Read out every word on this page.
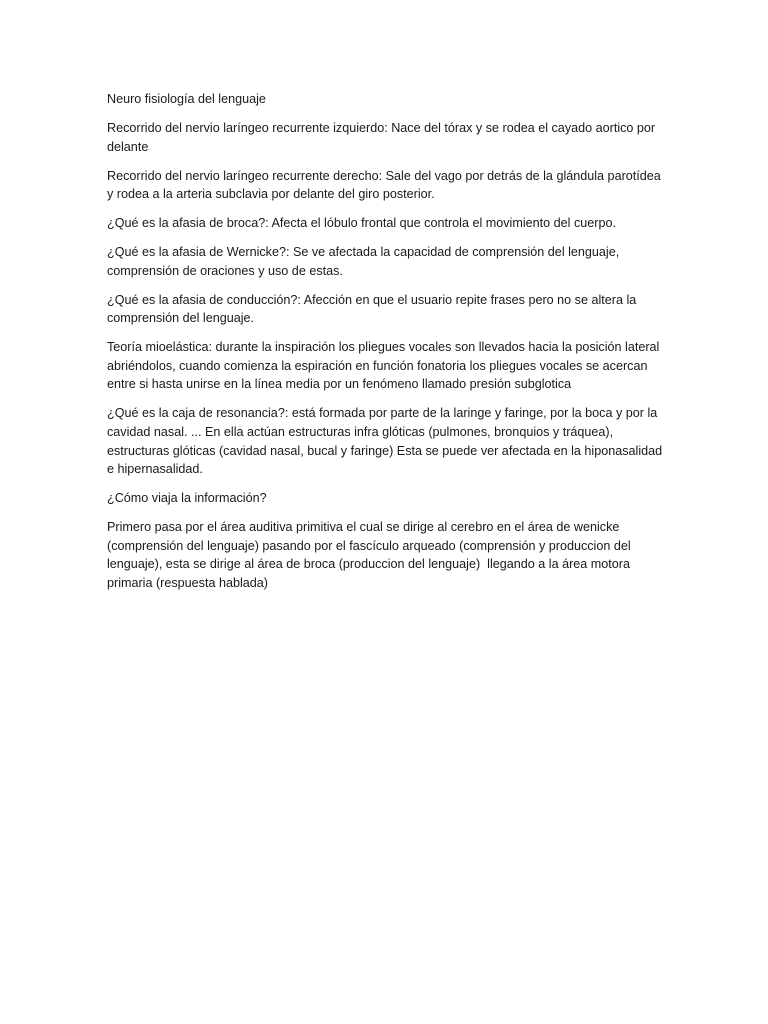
Neuro fisiología del lenguaje

Recorrido del nervio laríngeo recurrente izquierdo: Nace del tórax y se rodea el cayado aortico por delante

Recorrido del nervio laríngeo recurrente derecho: Sale del vago por detrás de la glándula parotídea y rodea a la arteria subclavia por delante del giro posterior.

¿Qué es la afasia de broca?: Afecta el lóbulo frontal que controla el movimiento del cuerpo.

¿Qué es la afasia de Wernicke?: Se ve afectada la capacidad de comprensión del lenguaje, comprensión de oraciones y uso de estas.

¿Qué es la afasia de conducción?: Afección en que el usuario repite frases pero no se altera la comprensión del lenguaje.

Teoría mioelástica: durante la inspiración los pliegues vocales son llevados hacia la posición lateral abriéndolos, cuando comienza la espiración en función fonatoria los pliegues vocales se acercan entre si hasta unirse en la línea media por un fenómeno llamado presión subglotica

¿Qué es la caja de resonancia?: está formada por parte de la laringe y faringe, por la boca y por la cavidad nasal. ... En ella actúan estructuras infra glóticas (pulmones, bronquios y tráquea), estructuras glóticas (cavidad nasal, bucal y faringe) Esta se puede ver afectada en la hiponasalidad e hipernasalidad.

¿Cómo viaja la información?

Primero pasa por el área auditiva primitiva el cual se dirige al cerebro en el área de wenicke (comprensión del lenguaje) pasando por el fascículo arqueado (comprensión y produccion del lenguaje), esta se dirige al área de broca (produccion del lenguaje)  llegando a la área motora primaria (respuesta hablada)
